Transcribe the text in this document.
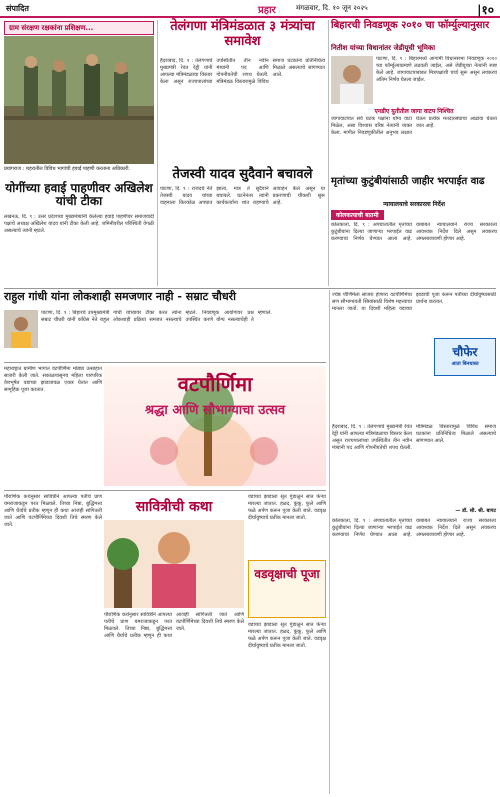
संपादित	प्रहार	मंगळवार, दि. १० जून २०२५	|१०
ग्राम संरक्षण रक्षकांना प्रशिक्षण...
प्रयागराज : शहरातील विविध भागांची हवाई पाहणी करताना अधिकारी.
योगींच्या हवाई पाहणीवर अखिलेश यांची टीका
लखनऊ, दि. ९ : उत्तर प्रदेशच्या मुख्यमंत्र्यांनी केलेल्या हवाई पाहणीवर समाजवादी पक्षाचे अध्यक्ष अखिलेश यादव यांनी टीका केली आहे. जमिनीवरील परिस्थिती वेगळी असल्याचे त्यांनी म्हटले.
तेलंगणा मंत्रिमंडळात ३ मंत्र्यांचा समावेश
हैदराबाद, दि. ९ : तेलंगणाचे मुख्यमंत्री रेवंत रेड्डी यांनी आपल्या मंत्रिमंडळाचा विस्तार केला असून राज्यपालांच्या उपस्थितीत तीन नवीन मंत्र्यांनी पद आणि गोपनीयतेची शपथ घेतली. मंत्रिमंडळ विस्तारामुळे विविध समाज घटकांना प्रतिनिधित्व मिळाले असल्याचे सांगण्यात आले.
तेजस्वी यादव सुदैवाने बचावले
पाटणा, दि. ९ : राजदचे नेते तेजस्वी यादव यांच्या वाहनाला किरकोळ अपघात झाला, मात्र ते सुदैवाने बचावले. घटनेनंतर त्यांनी कार्यकर्त्यांना शांत राहण्याचे आवाहन केले असून या प्रकरणाची चौकशी सुरू आहे.
बिहारची निवडणूक २०१० चा फॉर्म्युल्यानुसार
नितीश यांच्या विधानांतर जेडीयूची भूमिका
पाटणा, दि. ९ : बिहारमध्ये आगामी विधानसभा निवडणूक २०१० च्या फॉर्म्युल्याप्रमाणे लढवली जाईल, असे जेडीयूच्या नेत्यांनी स्पष्ट केले आहे. जागावाटपाबाबत मित्रपक्षांशी चर्चा सुरू असून लवकरच अंतिम निर्णय घेतला जाईल.
एनडीए युतीतील जागा वाटप निश्चित
जागावाटपात सर्व घटक पक्षांना योग्य वाटा मिळेल, असा विश्वास वरिष्ठ नेत्यांनी व्यक्त केला. मागील निवडणुकीतील अनुभव लक्षात घेऊन प्रत्येक मतदारसंघाचा आढावा घेतला जात आहे.
मृतांच्या कुटुंबीयांसाठी जाहीर भरपाईत वाढ
न्यायालयाचे सरकारला निर्देश
कोलकत्याची बातमी
कोलकाता, दि. ९ : अपघातातील मृतांच्या कुटुंबीयांना दिल्या जाणाऱ्या भरपाईत वाढ करण्याचा निर्णय घेण्यात आला आहे. याबाबत न्यायालयाने राज्य सरकारला आवश्यक निर्देश दिले असून लवकरच अंमलबजावणी होणार आहे.
राहुल गांधी यांना लोकशाही समजणार नाही - सम्राट चौधरी
पाटणा, दि. ९ : बिहारचे उपमुख्यमंत्री सम्राट चौधरी यांनी काँग्रेस नेते राहुल गांधी यांच्यावर टीका करत त्यांना लोकशाही प्रक्रिया समजत नसल्याचे म्हटले. निवडणूक आयोगावर प्रश्न उपस्थित करणे योग्य नसल्याचेही ते म्हणाले.
महाराष्ट्रात ग्रामीण भागात वटपौर्णिमा मोठ्या उत्साहात साजरी केली जाते. सकाळपासूनच महिला पारंपरिक वेशभूषेत वडाच्या झाडाजवळ एकत्र येतात आणि सामूहिक पूजा करतात.	वटपौर्णिमा
श्रद्धा आणि सौभाग्याचा उत्सव
ज्येष्ठ पौर्णिमेला साजरा होणारा वटपौर्णिमेचा सण सौभाग्यवती स्त्रियांसाठी विशेष महत्त्वाचा मानला जातो. या दिवशी महिला वडाच्या झाडाची पूजा करून पतीच्या दीर्घायुष्यासाठी प्रार्थना करतात.
चौफेर
आता बिनधास्त
हैदराबाद, दि. ९ : तेलंगणाचे मुख्यमंत्री रेवंत रेड्डी यांनी आपल्या मंत्रिमंडळाचा विस्तार केला असून राज्यपालांच्या उपस्थितीत तीन नवीन मंत्र्यांनी पद आणि गोपनीयतेची शपथ घेतली. मंत्रिमंडळ विस्तारामुळे विविध समाज घटकांना प्रतिनिधित्व मिळाले असल्याचे सांगण्यात आले.
— डॉ. सौ. श्री. बापट
पौराणिक कथेनुसार सावित्रीने आपल्या पतीचे प्राण यमराजाकडून परत मिळवले. तिच्या निष्ठा, बुद्धिमत्ता आणि धैर्याचे प्रतीक म्हणून ही कथा आजही सांगितली जाते आणि वटपौर्णिमेच्या दिवशी तिचे स्मरण केले जाते.
सावित्रीची कथा
पौराणिक कथेनुसार सावित्रीने आपल्या पतीचे प्राण यमराजाकडून परत मिळवले. तिच्या निष्ठा, बुद्धिमत्ता आणि धैर्याचे प्रतीक म्हणून ही कथा आजही सांगितली जाते आणि वटपौर्णिमेच्या दिवशी तिचे स्मरण केले जाते.
वडाच्या झाडाला सूत गुंडाळून सात फेऱ्या मारल्या जातात. हळद, कुंकू, फुले आणि फळे अर्पण करून पूजा केली जाते. वडवृक्ष दीर्घायुष्याचे प्रतीक मानला जातो.
वडवृक्षाची पूजा
वडाच्या झाडाला सूत गुंडाळून सात फेऱ्या मारल्या जातात. हळद, कुंकू, फुले आणि फळे अर्पण करून पूजा केली जाते. वडवृक्ष दीर्घायुष्याचे प्रतीक मानला जातो.
कोलकाता, दि. ९ : अपघातातील मृतांच्या कुटुंबीयांना दिल्या जाणाऱ्या भरपाईत वाढ करण्याचा निर्णय घेण्यात आला आहे. याबाबत न्यायालयाने राज्य सरकारला आवश्यक निर्देश दिले असून लवकरच अंमलबजावणी होणार आहे.
